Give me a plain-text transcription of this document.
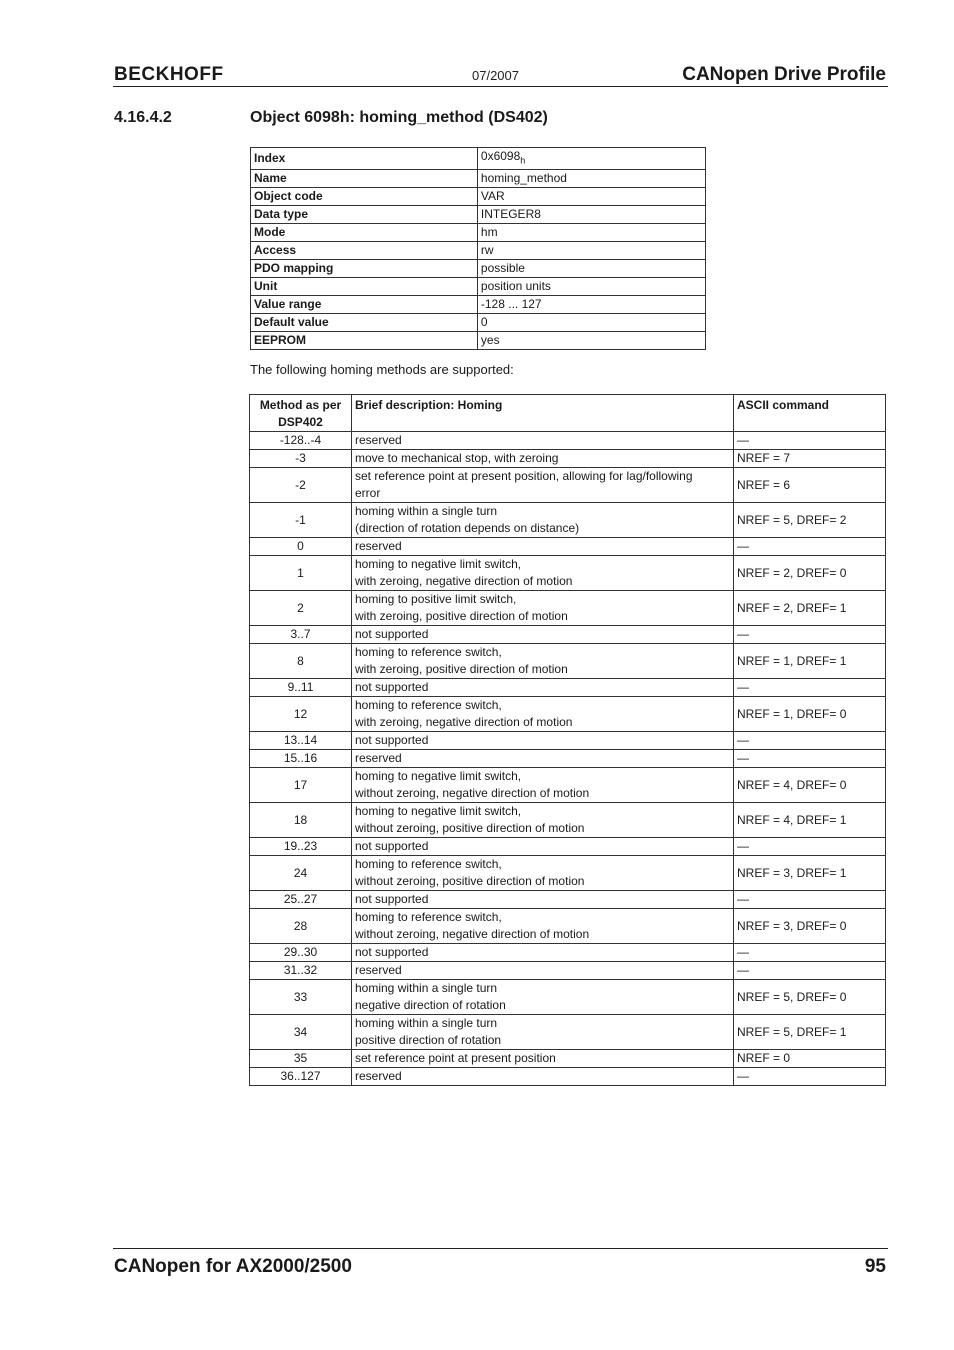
BECKHOFF	07/2007	CANopen Drive Profile
4.16.4.2	Object 6098h: homing_method (DS402)
Index	$0x6098_h$
Name	homing_method
Object code	VAR
Data type	INTEGER8
Mode	hm
Access	rw
PDO mapping	possible
Unit	position units
Value range	-128 ... 127
Default value	0
EEPROM	yes
The following homing methods are supported:
Method as per
DSP402	Brief description: Homing	ASCII command
-128..-4	reserved	—
-3	move to mechanical stop, with zeroing	NREF = 7
-2	set reference point at present position, allowing for lag/following
error	NREF = 6
-1	homing within a single turn
(direction of rotation depends on distance)	NREF = 5, DREF= 2
0	reserved	—
1	homing to negative limit switch,
with zeroing, negative direction of motion	NREF = 2, DREF= 0
2	homing to positive limit switch,
with zeroing, positive direction of motion	NREF = 2, DREF= 1
3..7	not supported	—
8	homing to reference switch,
with zeroing, positive direction of motion	NREF = 1, DREF= 1
9..11	not supported	—
12	homing to reference switch,
with zeroing, negative direction of motion	NREF = 1, DREF= 0
13..14	not supported	—
15..16	reserved	—
17	homing to negative limit switch,
without zeroing, negative direction of motion	NREF = 4, DREF= 0
18	homing to negative limit switch,
without zeroing, positive direction of motion	NREF = 4, DREF= 1
19..23	not supported	—
24	homing to reference switch,
without zeroing, positive direction of motion	NREF = 3, DREF= 1
25..27	not supported	—
28	homing to reference switch,
without zeroing, negative direction of motion	NREF = 3, DREF= 0
29..30	not supported	—
31..32	reserved	—
33	homing within a single turn
negative direction of rotation	NREF = 5, DREF= 0
34	homing within a single turn
positive direction of rotation	NREF = 5, DREF= 1
35	set reference point at present position	NREF = 0
36..127	reserved	—
CANopen for AX2000/2500	95
